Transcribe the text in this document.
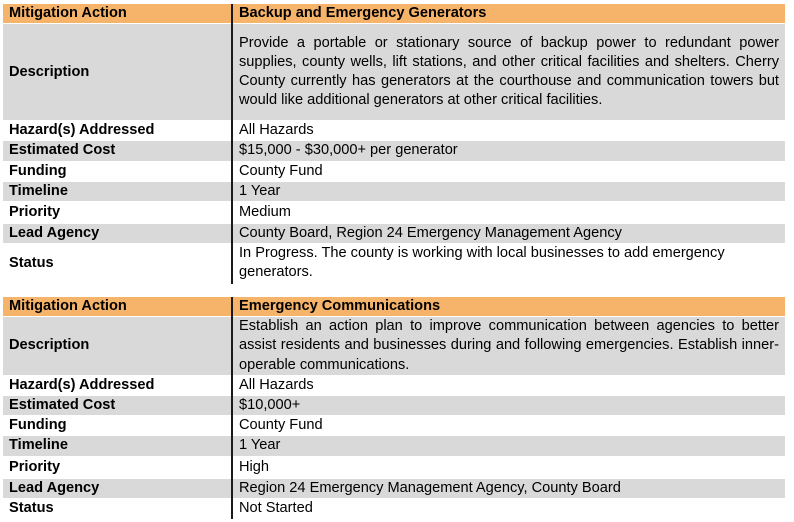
Mitigation Action	Backup and Emergency Generators
Description	Provide a portable or stationary source of backup power to redundant power supplies, county wells, lift stations, and other critical facilities and shelters. Cherry County currently has generators at the courthouse and communication towers but would like additional generators at other critical facilities.
Hazard(s) Addressed	All Hazards
Estimated Cost	$15,000 - $30,000+ per generator
Funding	County Fund
Timeline	1 Year
Priority	Medium
Lead Agency	County Board, Region 24 Emergency Management Agency
Status	In Progress. The county is working with local businesses to add emergency generators.
Mitigation Action	Emergency Communications
Description	Establish an action plan to improve communication between agencies to better assist residents and businesses during and following emergencies. Establish inner-operable communications.
Hazard(s) Addressed	All Hazards
Estimated Cost	$10,000+
Funding	County Fund
Timeline	1 Year
Priority	High
Lead Agency	Region 24 Emergency Management Agency, County Board
Status	Not Started
